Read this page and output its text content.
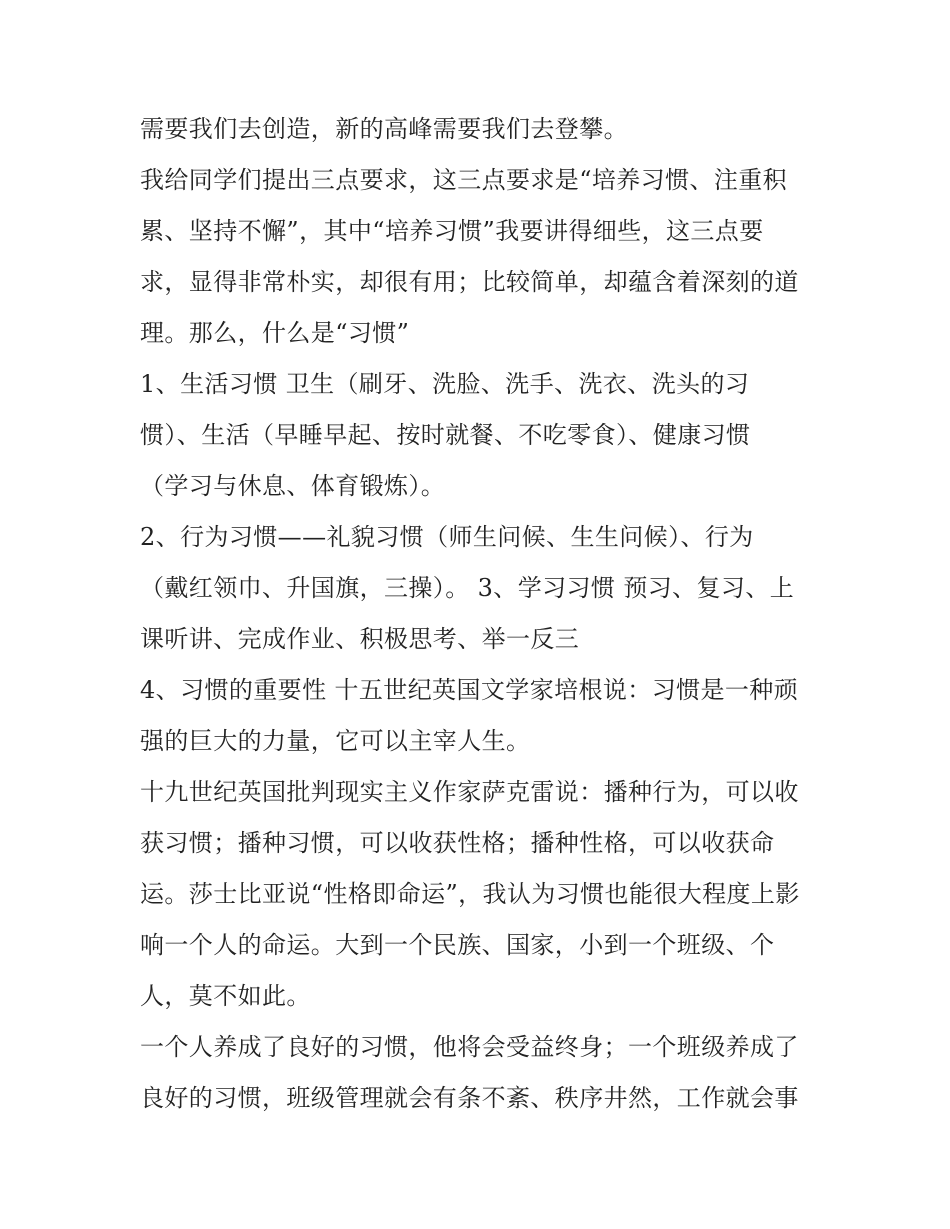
需要我们去创造，新的高峰需要我们去登攀。
我给同学们提出三点要求，这三点要求是“培养习惯、注重积
累、坚持不懈”，其中“培养习惯”我要讲得细些，这三点要
求，显得非常朴实，却很有用；比较简单，却蕴含着深刻的道
理。那么，什么是“习惯”
1、生活习惯 卫生（刷牙、洗脸、洗手、洗衣、洗头的习
惯）、生活（早睡早起、按时就餐、不吃零食）、健康习惯
（学习与休息、体育锻炼）。
2、行为习惯——礼貌习惯（师生问候、生生问候）、行为
（戴红领巾、升国旗，三操）。 3、学习习惯 预习、复习、上
课听讲、完成作业、积极思考、举一反三
4、习惯的重要性 十五世纪英国文学家培根说：习惯是一种顽
强的巨大的力量，它可以主宰人生。
十九世纪英国批判现实主义作家萨克雷说：播种行为，可以收
获习惯；播种习惯，可以收获性格；播种性格，可以收获命
运。莎士比亚说“性格即命运”，我认为习惯也能很大程度上影
响一个人的命运。大到一个民族、国家，小到一个班级、个
人，莫不如此。
一个人养成了良好的习惯，他将会受益终身；一个班级养成了
良好的习惯，班级管理就会有条不紊、秩序井然，工作就会事
